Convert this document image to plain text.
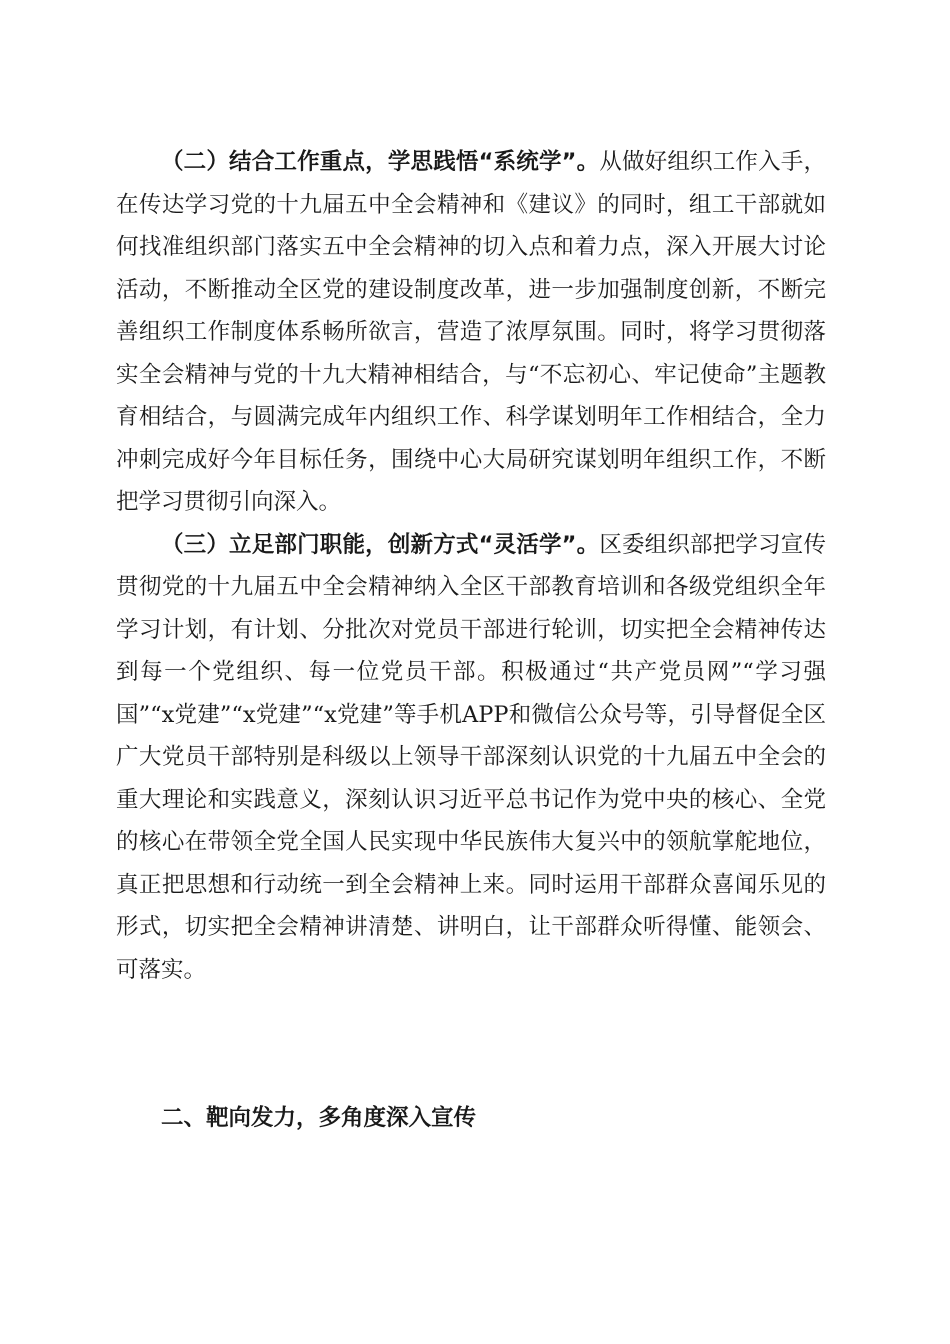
（二）结合工作重点，学思践悟“系统学”。从做好组织工作入手，在传达学习党的十九届五中全会精神和《建议》的同时，组工干部就如何找准组织部门落实五中全会精神的切入点和着力点，深入开展大讨论活动，不断推动全区党的建设制度改革，进一步加强制度创新，不断完善组织工作制度体系畅所欲言，营造了浓厚氛围。同时，将学习贯彻落实全会精神与党的十九大精神相结合，与“不忘初心、牢记使命”主题教育相结合，与圆满完成年内组织工作、科学谋划明年工作相结合，全力冲刺完成好今年目标任务，围绕中心大局研究谋划明年组织工作，不断把学习贯彻引向深入。

（三）立足部门职能，创新方式“灵活学”。区委组织部把学习宣传贯彻党的十九届五中全会精神纳入全区干部教育培训和各级党组织全年学习计划，有计划、分批次对党员干部进行轮训，切实把全会精神传达到每一个党组织、每一位党员干部。积极通过“共产党员网”“学习强国”“x党建”“x党建”“x党建”等手机APP和微信公众号等，引导督促全区广大党员干部特别是科级以上领导干部深刻认识党的十九届五中全会的重大理论和实践意义，深刻认识习近平总书记作为党中央的核心、全党的核心在带领全党全国人民实现中华民族伟大复兴中的领航掌舵地位，真正把思想和行动统一到全会精神上来。同时运用干部群众喜闻乐见的形式，切实把全会精神讲清楚、讲明白，让干部群众听得懂、能领会、可落实。

二、靶向发力，多角度深入宣传
